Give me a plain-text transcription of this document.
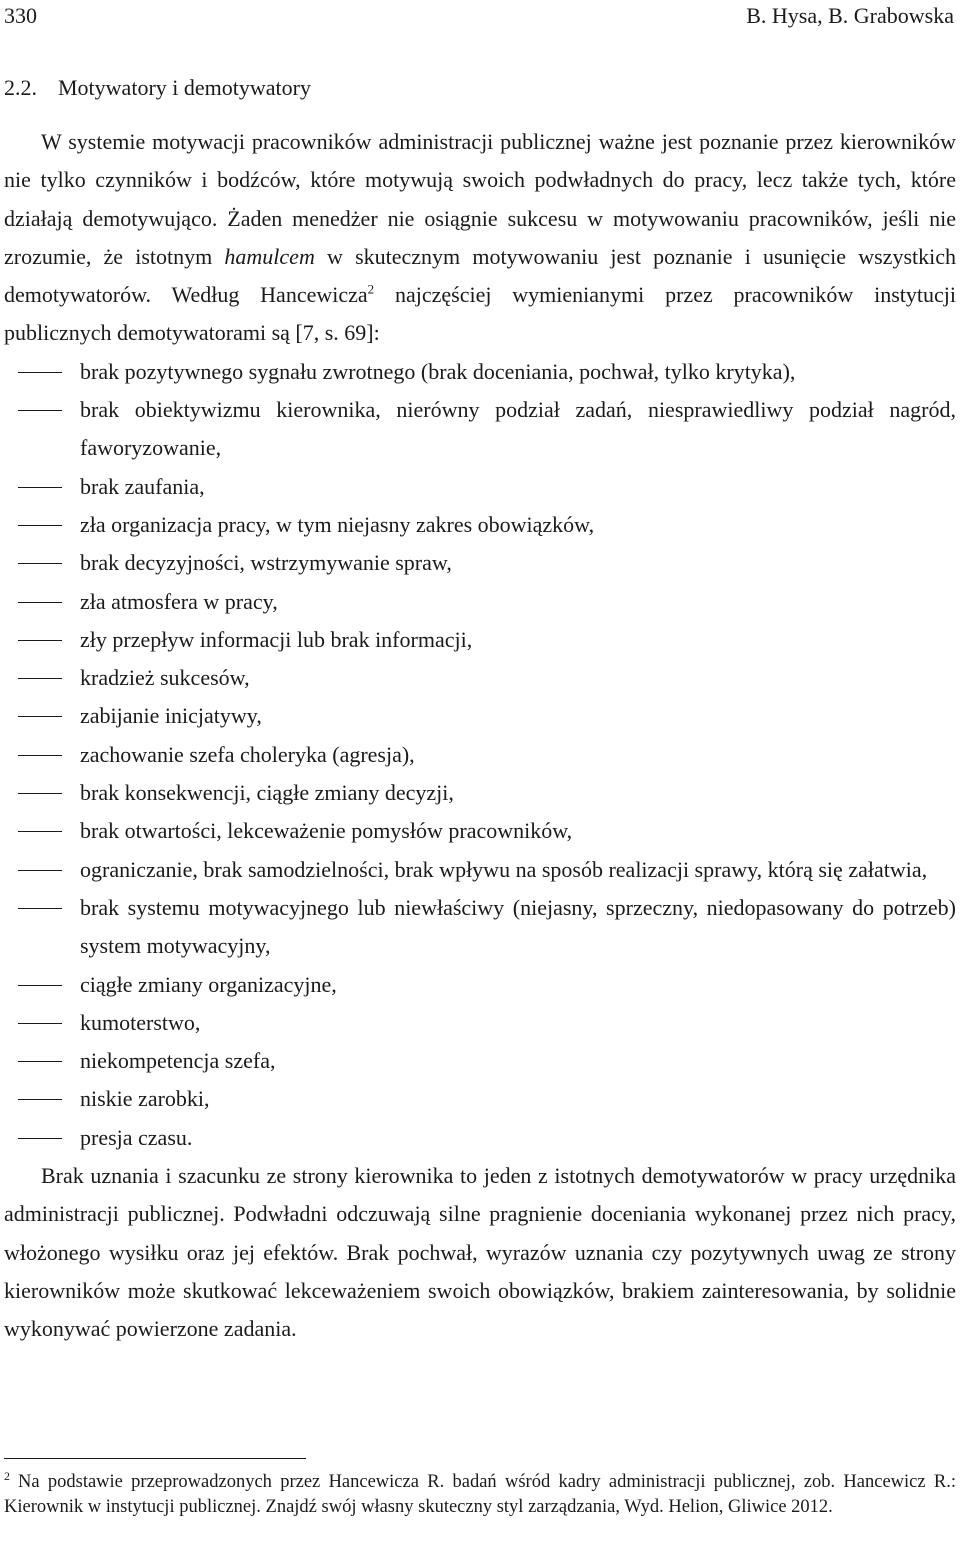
330	B. Hysa, B. Grabowska
2.2. Motywatory i demotywatory

W systemie motywacji pracowników administracji publicznej ważne jest poznanie przez kierowników nie tylko czynników i bodźców, które motywują swoich podwładnych do pracy, lecz także tych, które działają demotywująco. Żaden menedżer nie osiągnie sukcesu w motywowaniu pracowników, jeśli nie zrozumie, że istotnym hamulcem w skutecznym motywowaniu jest poznanie i usunięcie wszystkich demotywatorów. Według Hancewicza$^2$ najczęściej wymienianymi przez pracowników instytucji publicznych demotywatorami są [7, s. 69]:

brak pozytywnego sygnału zwrotnego (brak doceniania, pochwał, tylko krytyka),
brak obiektywizmu kierownika, nierówny podział zadań, niesprawiedliwy podział nagród, faworyzowanie,
brak zaufania,
zła organizacja pracy, w tym niejasny zakres obowiązków,
brak decyzyjności, wstrzymywanie spraw,
zła atmosfera w pracy,
zły przepływ informacji lub brak informacji,
kradzież sukcesów,
zabijanie inicjatywy,
zachowanie szefa choleryka (agresja),
brak konsekwencji, ciągłe zmiany decyzji,
brak otwartości, lekceważenie pomysłów pracowników,
ograniczanie, brak samodzielności, brak wpływu na sposób realizacji sprawy, którą się załatwia,
brak systemu motywacyjnego lub niewłaściwy (niejasny, sprzeczny, niedopasowany do potrzeb) system motywacyjny,
ciągłe zmiany organizacyjne,
kumoterstwo,
niekompetencja szefa,
niskie zarobki,
presja czasu.

Brak uznania i szacunku ze strony kierownika to jeden z istotnych demotywatorów w pracy urzędnika administracji publicznej. Podwładni odczuwają silne pragnienie doceniania wykonanej przez nich pracy, włożonego wysiłku oraz jej efektów. Brak pochwał, wyrazów uznania czy pozytywnych uwag ze strony kierowników może skutkować lekceważeniem swoich obowiązków, brakiem zainteresowania, by solidnie wykonywać powierzone zadania.

$^2$ Na podstawie przeprowadzonych przez Hancewicza R. badań wśród kadry administracji publicznej, zob. Hancewicz R.: Kierownik w instytucji publicznej. Znajdź swój własny skuteczny styl zarządzania, Wyd. Helion, Gliwice 2012.
